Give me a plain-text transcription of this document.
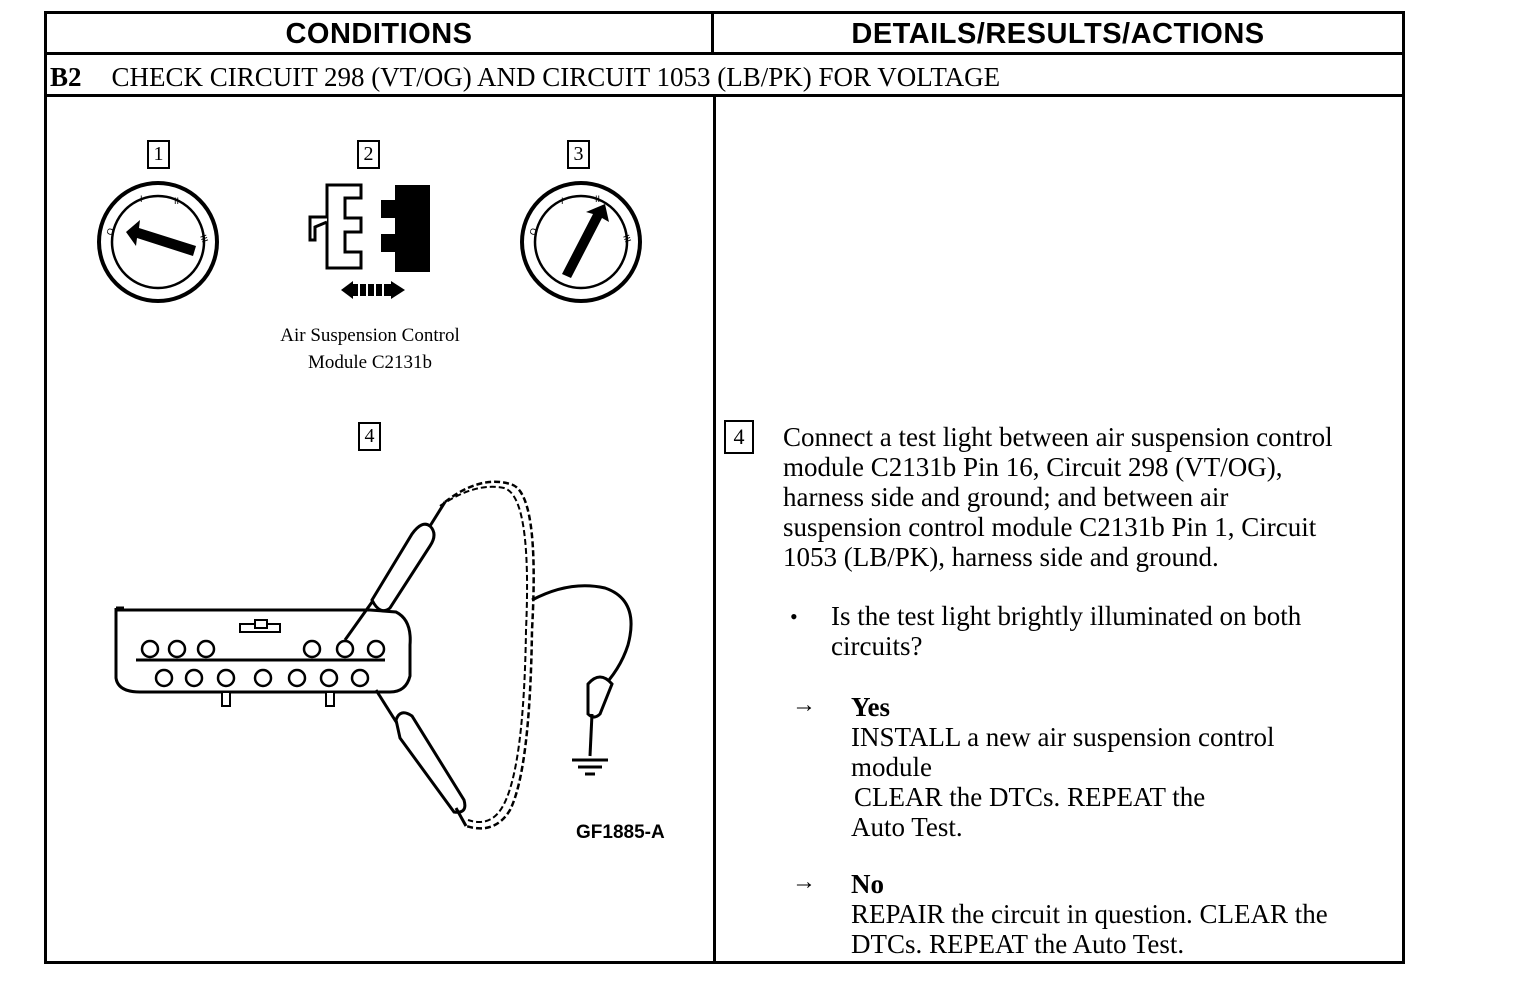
CONDITIONS	DETAILS/RESULTS/ACTIONS
B2 CHECK CIRCUIT 298 (VT/OG) AND CIRCUIT 1053 (LB/PK) FOR VOLTAGE
1	2	3
4
O
I	II
III
O
I	II
III
Air Suspension Control
Module C2131b
GF1885-A
4	Connect a test light between air suspension control
module C2131b Pin 16, Circuit 298 (VT/OG),
harness side and ground; and between air
suspension control module C2131b Pin 1, Circuit
1053 (LB/PK), harness side and ground.
• Is the test light brightly illuminated on both
circuits?
→ Yes
INSTALL a new air suspension control
module
CLEAR the DTCs. REPEAT the
Auto Test.
→ No
REPAIR the circuit in question. CLEAR the
DTCs. REPEAT the Auto Test.
